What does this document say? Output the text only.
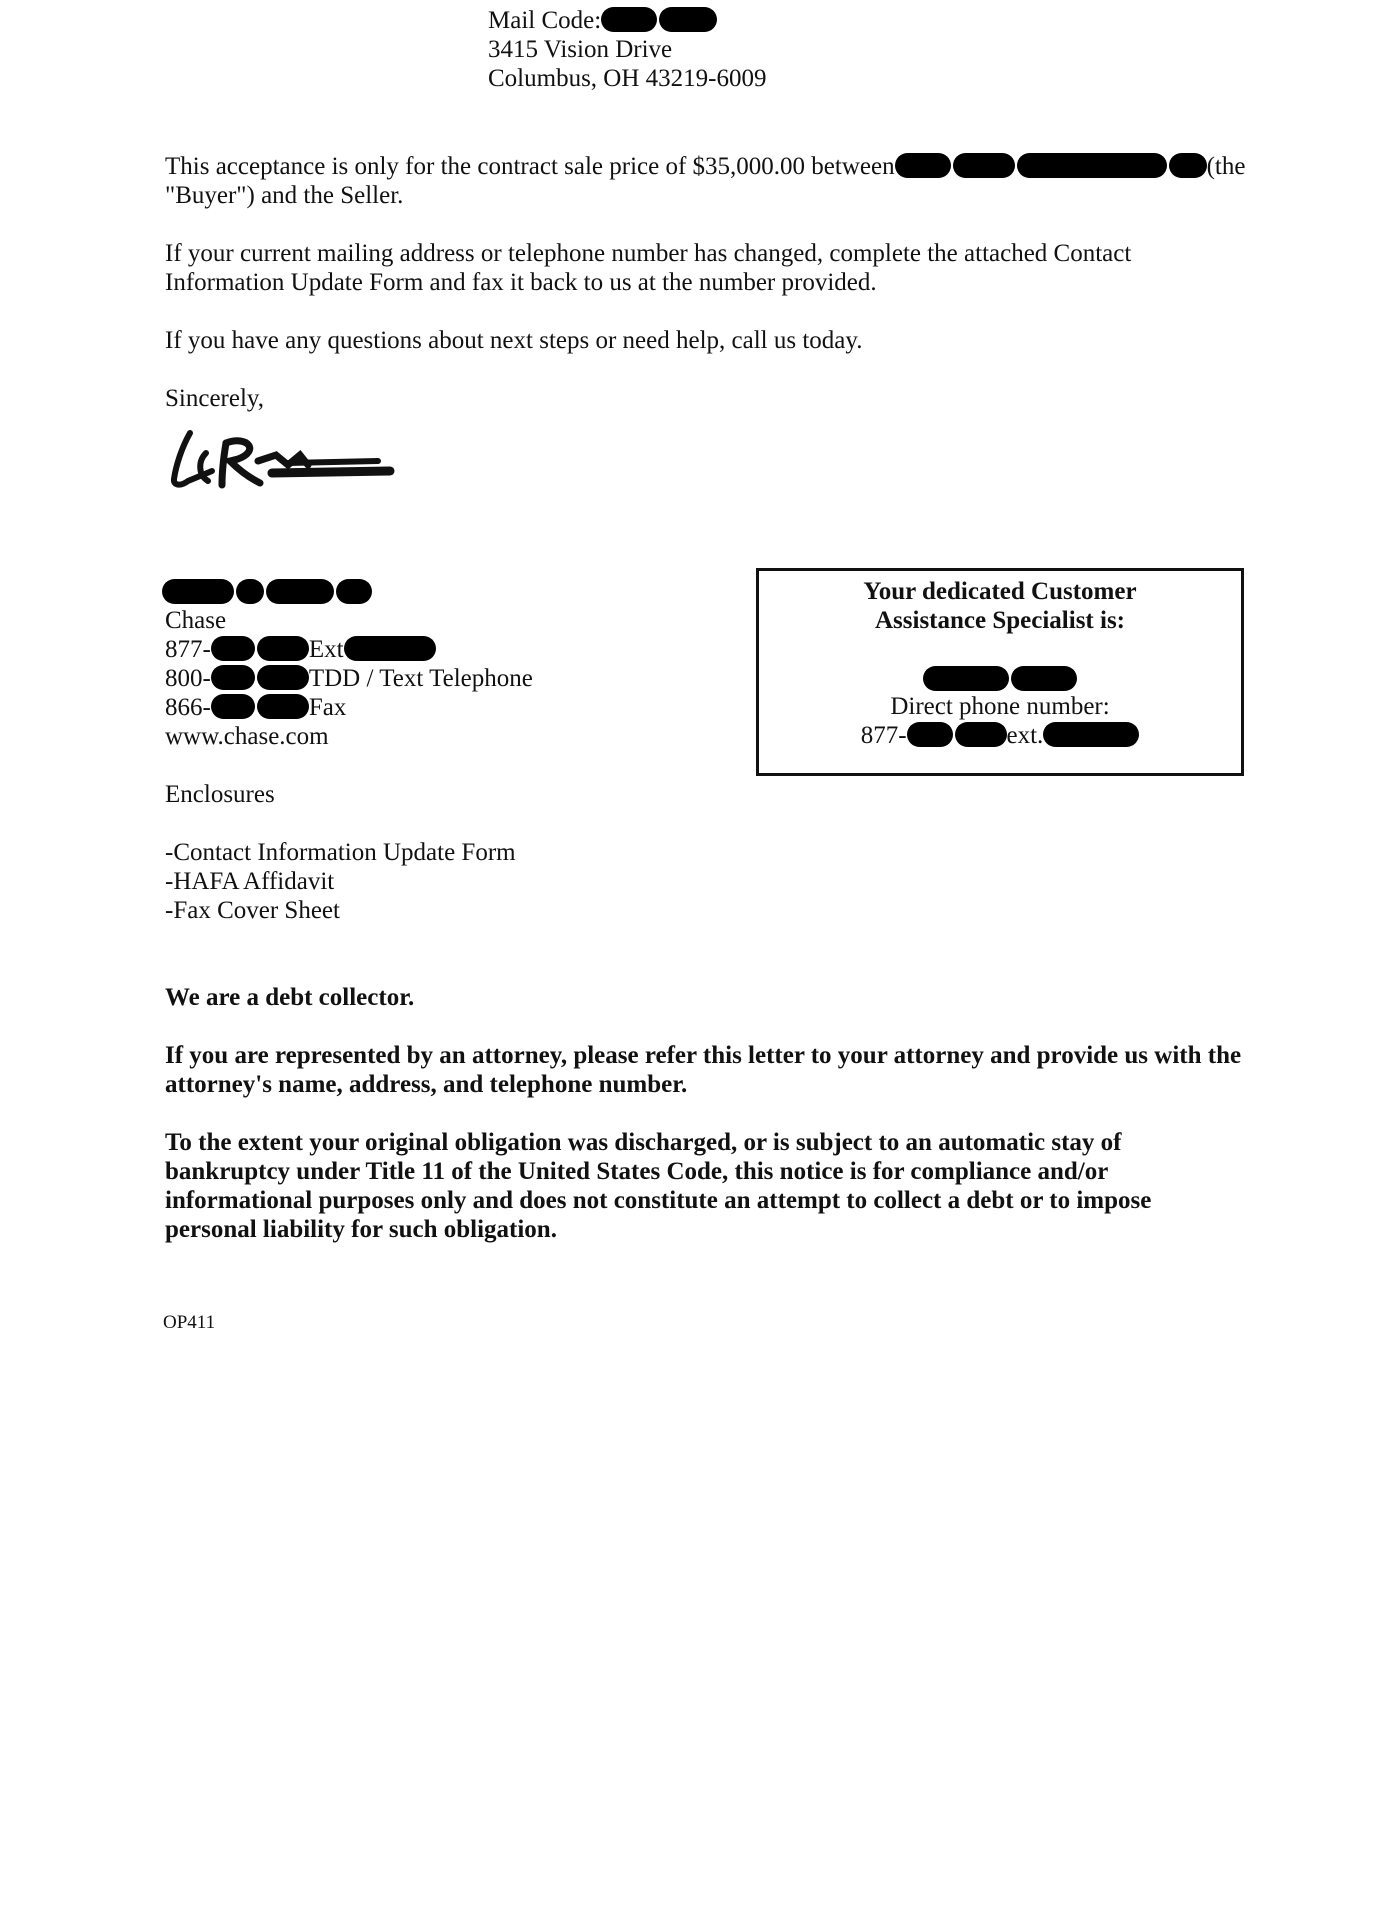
Mail Code:
3415 Vision Drive
Columbus, OH 43219-6009
This acceptance is only for the contract sale price of $35,000.00 between	(the
"Buyer") and the Seller.
If your current mailing address or telephone number has changed, complete the attached Contact Information Update Form and fax it back to us at the number provided.
If you have any questions about next steps or need help, call us today.
Sincerely,
Chase
877-	Ext
800-	TDD / Text Telephone
866-	Fax
www.chase.com
Your dedicated Customer
Assistance Specialist is:
Direct phone number:
877-	ext.
Enclosures
-Contact Information Update Form
-HAFA Affidavit
-Fax Cover Sheet
We are a debt collector.
If you are represented by an attorney, please refer this letter to your attorney and provide us with the attorney's name, address, and telephone number.
To the extent your original obligation was discharged, or is subject to an automatic stay of bankruptcy under Title 11 of the United States Code, this notice is for compliance and/or informational purposes only and does not constitute an attempt to collect a debt or to impose personal liability for such obligation.
OP411
